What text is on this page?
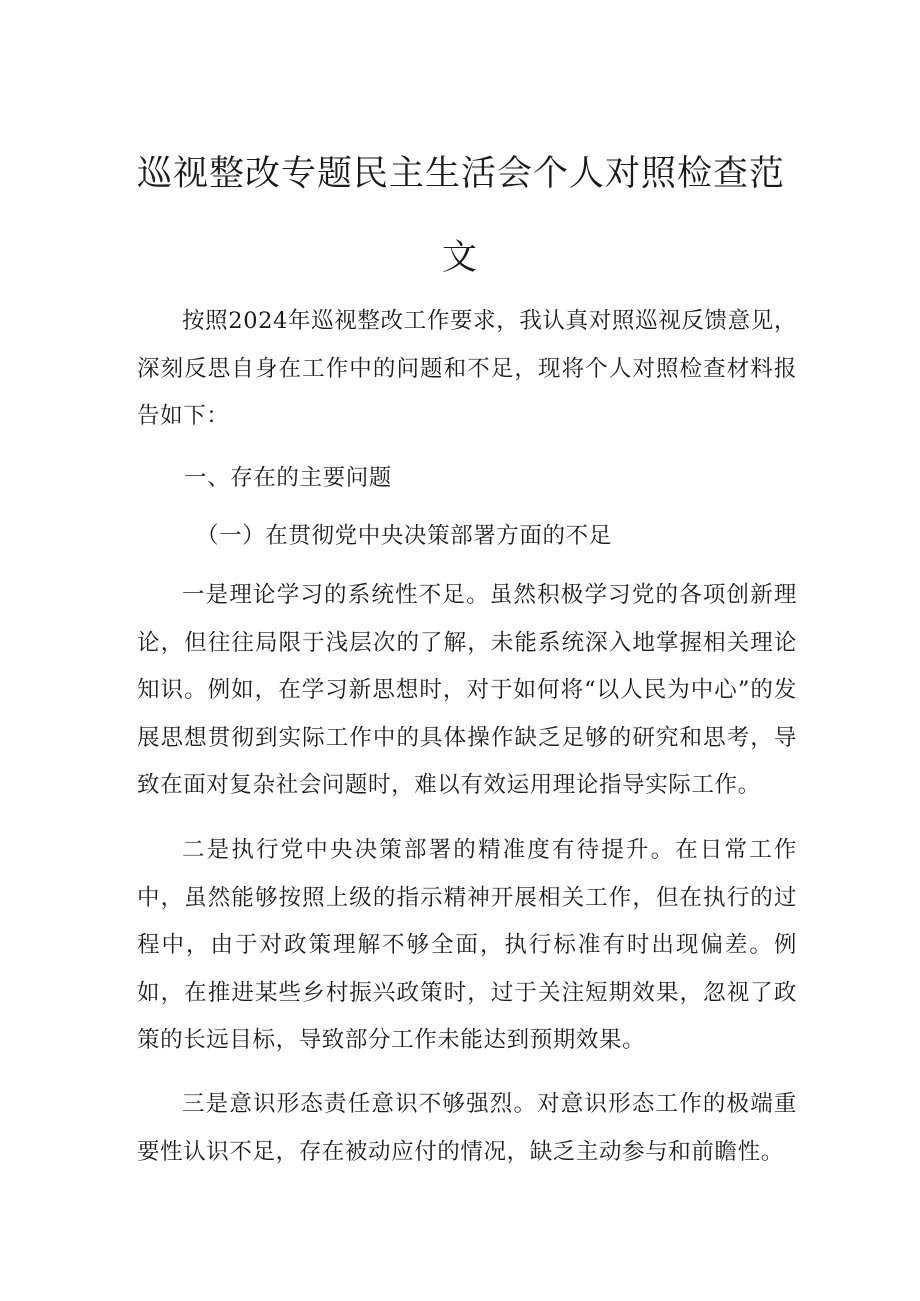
巡视整改专题民主生活会个人对照检查范
文

按照2024年巡视整改工作要求，我认真对照巡视反馈意见，深刻反思自身在工作中的问题和不足，现将个人对照检查材料报告如下：

一、存在的主要问题

（一）在贯彻党中央决策部署方面的不足

一是理论学习的系统性不足。虽然积极学习党的各项创新理论，但往往局限于浅层次的了解，未能系统深入地掌握相关理论知识。例如，在学习新思想时，对于如何将“以人民为中心”的发展思想贯彻到实际工作中的具体操作缺乏足够的研究和思考，导致在面对复杂社会问题时，难以有效运用理论指导实际工作。

二是执行党中央决策部署的精准度有待提升。在日常工作中，虽然能够按照上级的指示精神开展相关工作，但在执行的过程中，由于对政策理解不够全面，执行标准有时出现偏差。例如，在推进某些乡村振兴政策时，过于关注短期效果，忽视了政策的长远目标，导致部分工作未能达到预期效果。

三是意识形态责任意识不够强烈。对意识形态工作的极端重要性认识不足，存在被动应付的情况，缺乏主动参与和前瞻性。
